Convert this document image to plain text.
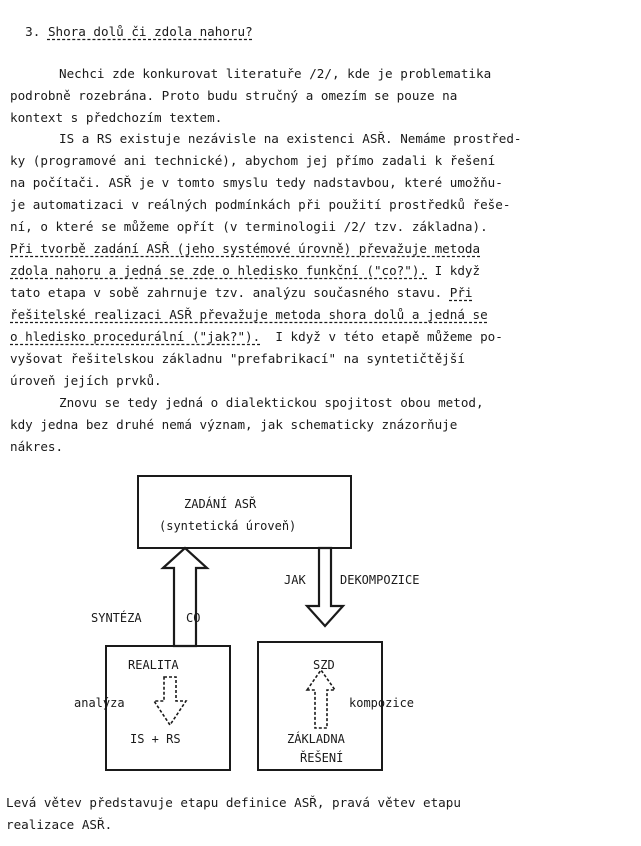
3. Shora dolů či zdola nahoru?

Nechci zde konkurovat literatuře /2/, kde je problematika
podrobně rozebrána. Proto budu stručný a omezím se pouze na
kontext s předchozím textem.
IS a RS existuje nezávisle na existenci ASŘ. Nemáme prostřed-
ky (programové ani technické), abychom jej přímo zadali k řešení
na počítači. ASŘ je v tomto smyslu tedy nadstavbou, které umožňu-
je automatizaci v reálných podmínkách při použití prostředků řeše-
ní, o které se můžeme opřít (v terminologii /2/ tzv. základna).
Při tvorbě zadání ASŘ (jeho systémové úrovně) převažuje metoda
zdola nahoru a jedná se zde o hledisko funkční ("co?"). I když
tato etapa v sobě zahrnuje tzv. analýzu současného stavu. Při
řešitelské realizaci ASŘ převažuje metoda shora dolů a jedná se
o hledisko procedurální ("jak?").  I když v této etapě můžeme po-
vyšovat řešitelskou základnu "prefabrikací" na syntetičtější
úroveň jejích prvků.
Znovu se tedy jedná o dialektickou spojitost obou metod,
kdy jedna bez druhé nemá význam, jak schematicky znázorňuje
nákres.
ZADÁNÍ ASŘ
(syntetická úroveň)
REALITA
IS + RS
SZD
ZÁKLADNA
ŘEŠENÍ
SYNTÉZA	CO
JAK	DEKOMPOZICE
analýza	kompozice
Levá větev představuje etapu definice ASŘ, pravá větev etapu
realizace ASŘ.
